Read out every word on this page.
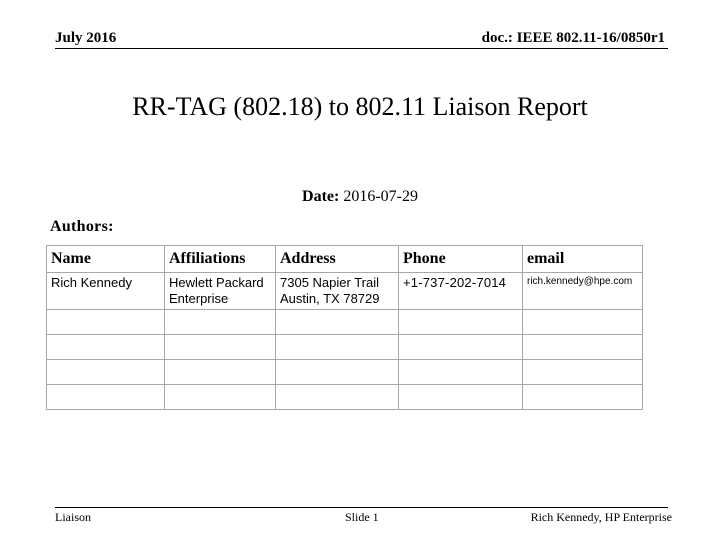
July 2016	doc.: IEEE 802.11-16/0850r1
RR-TAG (802.18) to 802.11 Liaison Report
Date: 2016-07-29
Authors:
Name	Affiliations	Address	Phone	email
Rich Kennedy	Hewlett Packard Enterprise	7305 Napier Trail Austin, TX 78729	+1-737-202-7014	rich.kennedy@hpe.com

Liaison	Slide 1	Rich Kennedy, HP Enterprise
